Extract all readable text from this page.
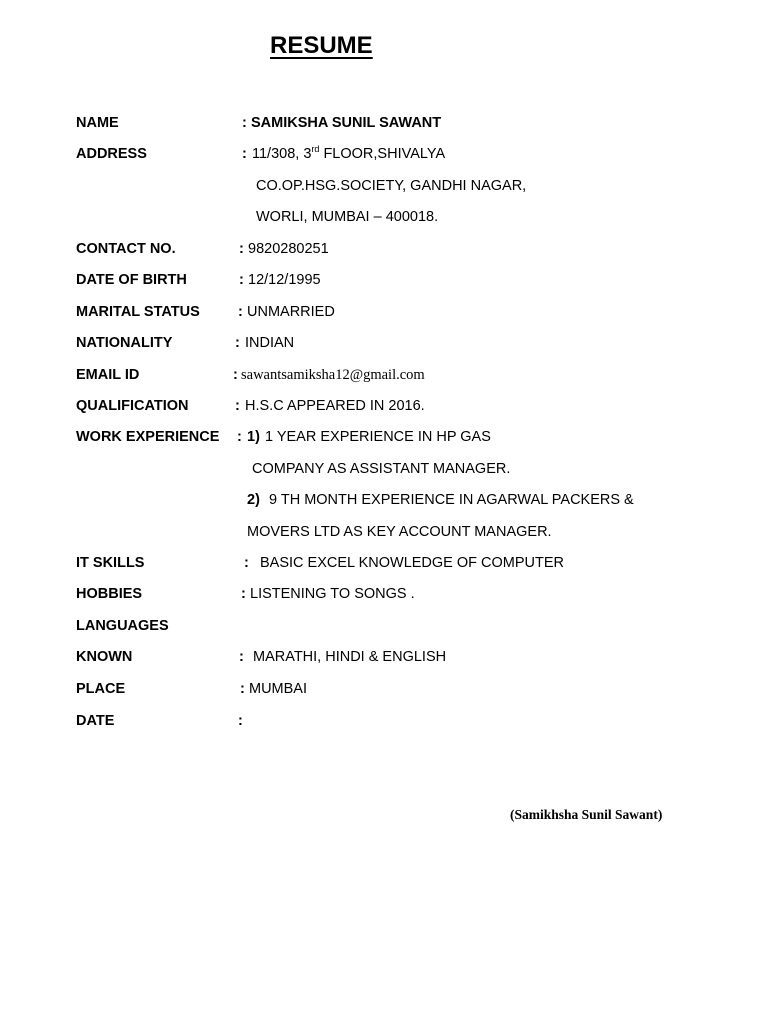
RESUME
NAME	: SAMIKSHA SUNIL SAWANT
ADDRESS	: 11/308, 3rd FLOOR,SHIVALYA
CO.OP.HSG.SOCIETY, GANDHI NAGAR,
WORLI, MUMBAI – 400018.
CONTACT NO.	: 9820280251
DATE OF BIRTH	: 12/12/1995
MARITAL STATUS	: UNMARRIED
NATIONALITY	: INDIAN
EMAIL ID	: sawantsamiksha12@gmail.com
QUALIFICATION	: H.S.C APPEARED IN 2016.
WORK EXPERIENCE : 1) 1 YEAR EXPERIENCE IN HP GAS
COMPANY AS ASSISTANT MANAGER.
2) 9 TH MONTH EXPERIENCE IN AGARWAL PACKERS &
MOVERS LTD AS KEY ACCOUNT MANAGER.
IT SKILLS	: BASIC EXCEL KNOWLEDGE OF COMPUTER
HOBBIES	: LISTENING TO SONGS .
LANGUAGES
KNOWN	: MARATHI, HINDI & ENGLISH
PLACE	: MUMBAI
DATE	:
(Samikhsha Sunil Sawant)
